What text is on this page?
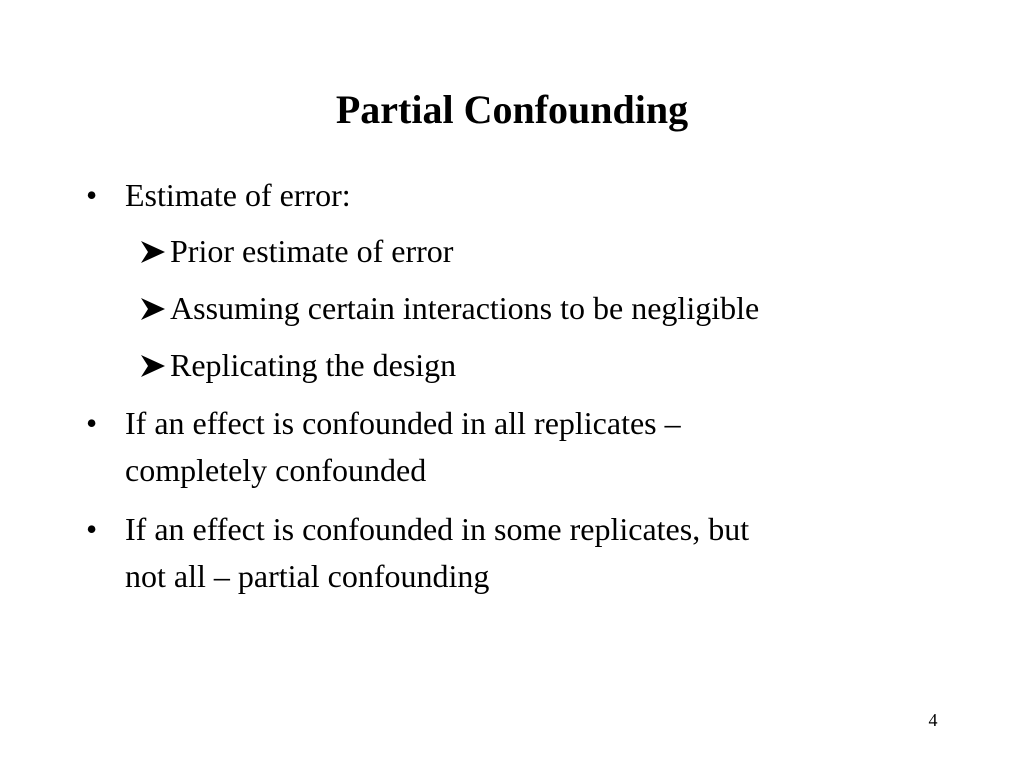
Partial Confounding
• Estimate of error:
Prior estimate of error
Assuming certain interactions to be negligible
Replicating the design
• If an effect is confounded in all replicates –
completely confounded
• If an effect is confounded in some replicates, but
not all – partial confounding
4
